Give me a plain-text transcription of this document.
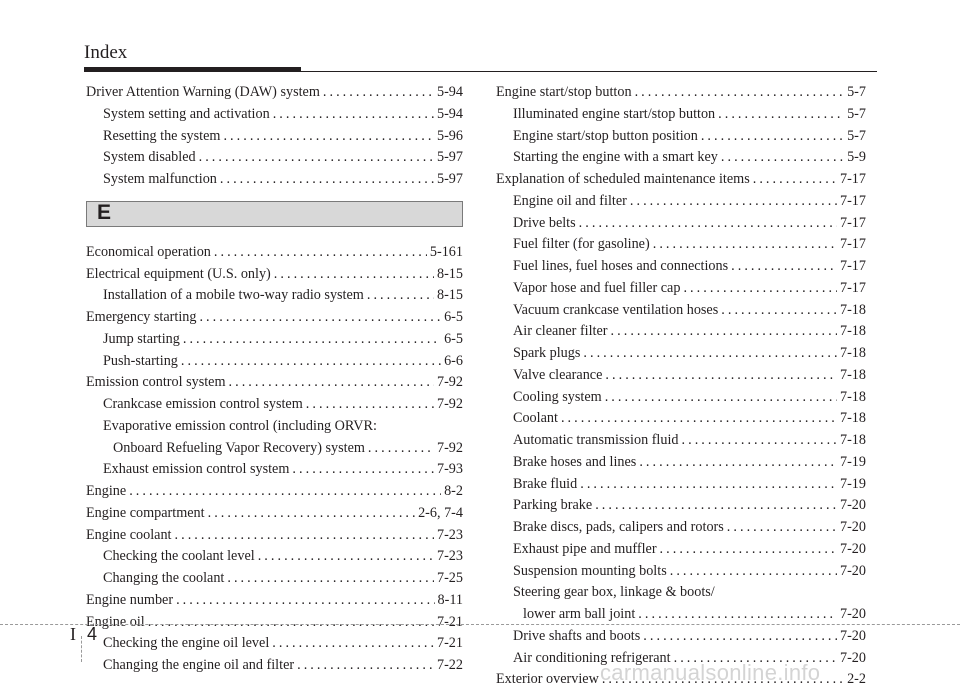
Index
Driver Attention Warning (DAW) system . . .	5-94
System setting and activation . . .	5-94
Resetting the system . . .	5-96
System disabled . . .	5-97
System malfunction . . .	5-97
E
Economical operation . . .	5-161
Electrical equipment (U.S. only) . . .	8-15
Installation of a mobile two-way radio system . . .	8-15
Emergency starting . . .	6-5
Jump starting . . .	6-5
Push-starting . . .	6-6
Emission control system . . .	7-92
Crankcase emission control system . . .	7-92
Evaporative emission control (including ORVR:
Onboard Refueling Vapor Recovery) system . . .	7-92
Exhaust emission control system . . .	7-93
Engine . . .	8-2
Engine compartment . . .	2-6, 7-4
Engine coolant . . .	7-23
Checking the coolant level . . .	7-23
Changing the coolant . . .	7-25
Engine number . . .	8-11
Engine oil . . .	7-21
Checking the engine oil level . . .	7-21
Changing the engine oil and filter . . .	7-22
Engine start/stop button . . .	5-7
Illuminated engine start/stop button . . .	5-7
Engine start/stop button position . . .	5-7
Starting the engine with a smart key . . .	5-9
Explanation of scheduled maintenance items . . .	7-17
Engine oil and filter . . .	7-17
Drive belts . . .	7-17
Fuel filter (for gasoline) . . .	7-17
Fuel lines, fuel hoses and connections . . .	7-17
Vapor hose and fuel filler cap . . .	7-17
Vacuum crankcase ventilation hoses . . .	7-18
Air cleaner filter . . .	7-18
Spark plugs . . .	7-18
Valve clearance . . .	7-18
Cooling system . . .	7-18
Coolant . . .	7-18
Automatic transmission fluid . . .	7-18
Brake hoses and lines . . .	7-19
Brake fluid . . .	7-19
Parking brake . . .	7-20
Brake discs, pads, calipers and rotors . . .	7-20
Exhaust pipe and muffler . . .	7-20
Suspension mounting bolts . . .	7-20
Steering gear box, linkage & boots/
lower arm ball joint . . .	7-20
Drive shafts and boots . . .	7-20
Air conditioning refrigerant . . .	7-20
Exterior overview . . .	2-2
I 4
carmanualsonline.info
